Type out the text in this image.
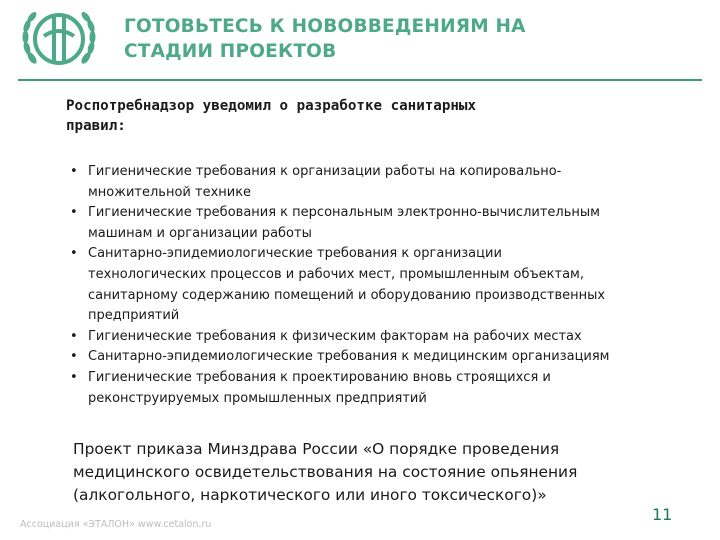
ГОТОВЬТЕСЬ К НОВОВВЕДЕНИЯМ НА
СТАДИИ ПРОЕКТОВ

Роспотребнадзор уведомил о разработке санитарных
правил:

• Гигиенические требования к организации работы на копировально-
множительной технике
• Гигиенические требования к персональным электронно-вычислительным
машинам и организации работы
• Санитарно-эпидемиологические требования к организации
технологических процессов и рабочих мест, промышленным объектам,
санитарному содержанию помещений и оборудованию производственных
предприятий
• Гигиенические требования к физическим факторам на рабочих местах
• Санитарно-эпидемиологические требования к медицинским организациям
• Гигиенические требования к проектированию вновь строящихся и
реконструируемых промышленных предприятий

Проект приказа Минздрава России «О порядке проведения
медицинского освидетельствования на состояние опьянения
(алкогольного, наркотического или иного токсического)»

Ассоциация «ЭТАЛОН» www.cetalon.ru
11
